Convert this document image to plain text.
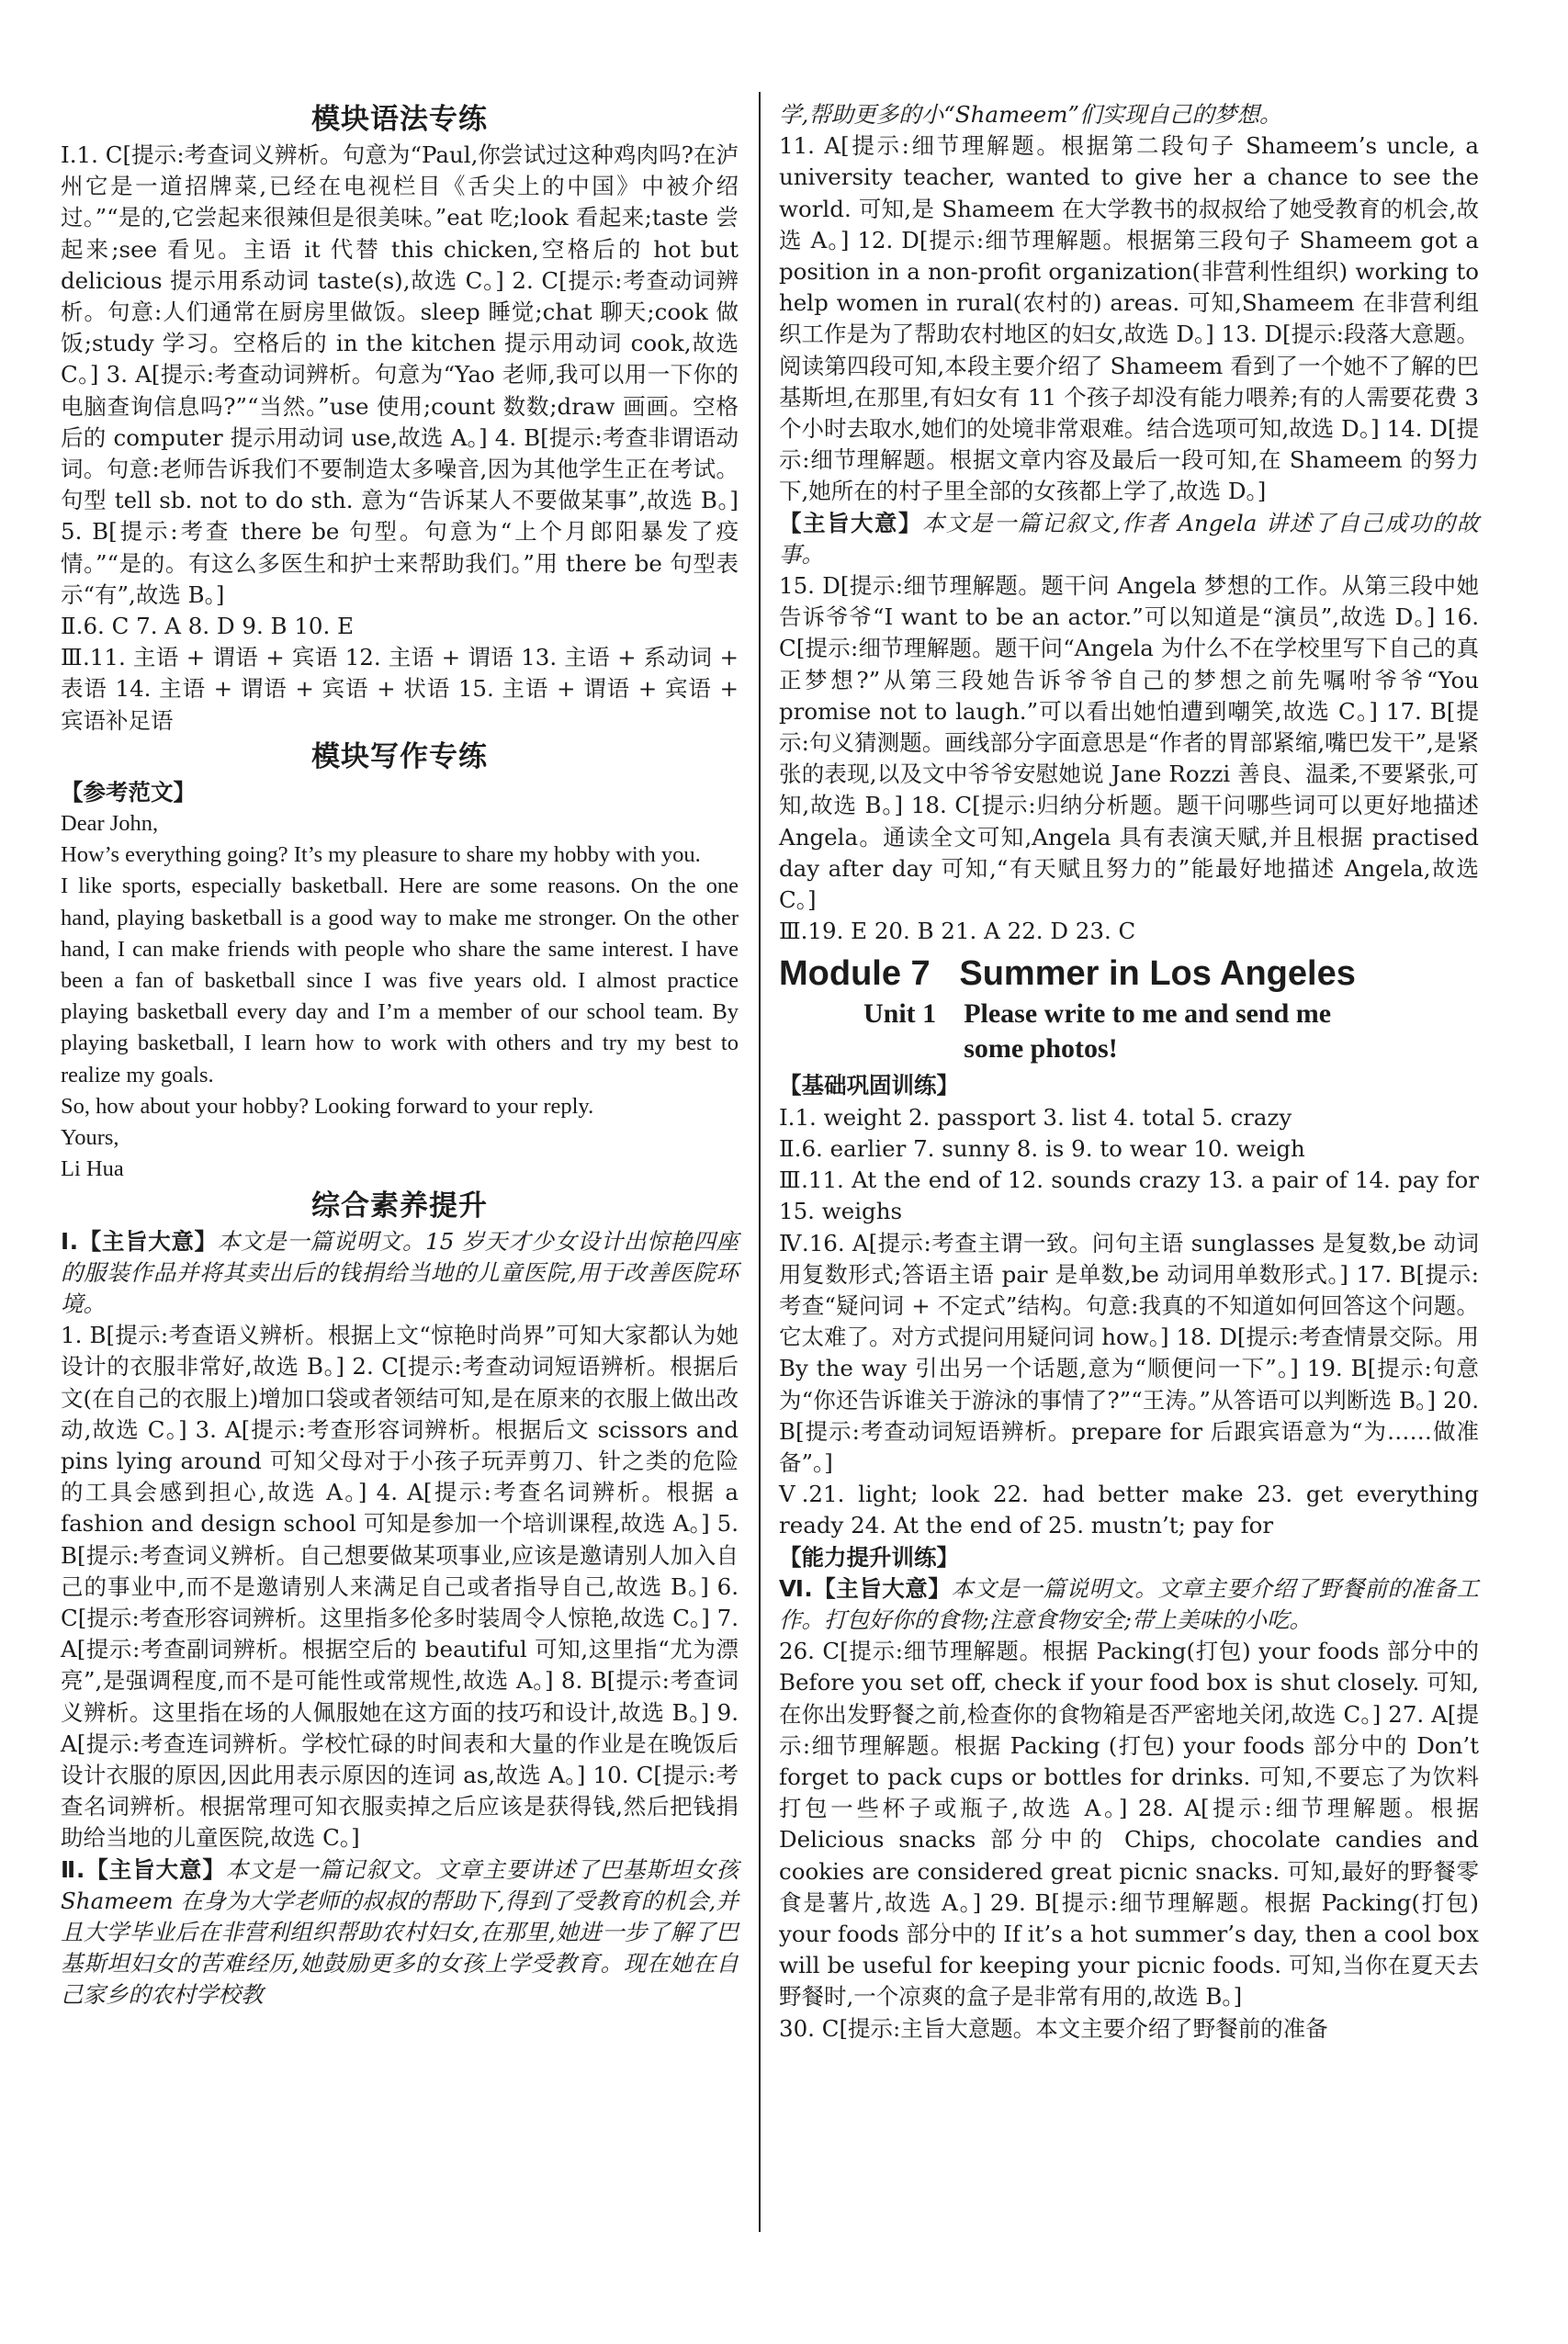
模块语法专练

Ⅰ.1. C[提示:考查词义辨析。句意为“Paul,你尝试过这种鸡肉吗?在泸州它是一道招牌菜,已经在电视栏目《舌尖上的中国》中被介绍过。”“是的,它尝起来很辣但是很美味。”eat 吃;look 看起来;taste 尝起来;see 看见。主语 it 代替 this chicken,空格后的 hot but delicious 提示用系动词 taste(s),故选 C。] 2. C[提示:考查动词辨析。句意:人们通常在厨房里做饭。sleep 睡觉;chat 聊天;cook 做饭;study 学习。空格后的 in the kitchen 提示用动词 cook,故选 C。] 3. A[提示:考查动词辨析。句意为“Yao 老师,我可以用一下你的电脑查询信息吗?”“当然。”use 使用;count 数数;draw 画画。空格后的 computer 提示用动词 use,故选 A。] 4. B[提示:考查非谓语动词。句意:老师告诉我们不要制造太多噪音,因为其他学生正在考试。句型 tell sb. not to do sth. 意为“告诉某人不要做某事”,故选 B。] 5. B[提示:考查 there be 句型。句意为“上个月郎阳暴发了疫情。”“是的。有这么多医生和护士来帮助我们。”用 there be 句型表示“有”,故选 B。]

Ⅱ.6. C 7. A 8. D 9. B 10. E

Ⅲ.11. 主语 + 谓语 + 宾语 12. 主语 + 谓语 13. 主语 + 系动词 + 表语 14. 主语 + 谓语 + 宾语 + 状语 15. 主语 + 谓语 + 宾语 + 宾语补足语

模块写作专练

【参考范文】

Dear John,

How’s everything going? It’s my pleasure to share my hobby with you.

I like sports, especially basketball. Here are some reasons. On the one hand, playing basketball is a good way to make me stronger. On the other hand, I can make friends with people who share the same interest. I have been a fan of basketball since I was five years old. I almost practice playing basketball every day and I’m a member of our school team. By playing basketball, I learn how to work with others and try my best to realize my goals.

So, how about your hobby? Looking forward to your reply.

Yours,

Li Hua

综合素养提升

Ⅰ.【主旨大意】本文是一篇说明文。15 岁天才少女设计出惊艳四座的服装作品并将其卖出后的钱捐给当地的儿童医院,用于改善医院环境。

1. B[提示:考查语义辨析。根据上文“惊艳时尚界”可知大家都认为她设计的衣服非常好,故选 B。] 2. C[提示:考查动词短语辨析。根据后文(在自己的衣服上)增加口袋或者领结可知,是在原来的衣服上做出改动,故选 C。] 3. A[提示:考查形容词辨析。根据后文 scissors and pins lying around 可知父母对于小孩子玩弄剪刀、针之类的危险的工具会感到担心,故选 A。] 4. A[提示:考查名词辨析。根据 a fashion and design school 可知是参加一个培训课程,故选 A。] 5. B[提示:考查词义辨析。自己想要做某项事业,应该是邀请别人加入自己的事业中,而不是邀请别人来满足自己或者指导自己,故选 B。] 6. C[提示:考查形容词辨析。这里指多伦多时装周令人惊艳,故选 C。] 7. A[提示:考查副词辨析。根据空后的 beautiful 可知,这里指“尤为漂亮”,是强调程度,而不是可能性或常规性,故选 A。] 8. B[提示:考查词义辨析。这里指在场的人佩服她在这方面的技巧和设计,故选 B。] 9. A[提示:考查连词辨析。学校忙碌的时间表和大量的作业是在晚饭后设计衣服的原因,因此用表示原因的连词 as,故选 A。] 10. C[提示:考查名词辨析。根据常理可知衣服卖掉之后应该是获得钱,然后把钱捐助给当地的儿童医院,故选 C。]

Ⅱ.【主旨大意】本文是一篇记叙文。文章主要讲述了巴基斯坦女孩 Shameem 在身为大学老师的叔叔的帮助下,得到了受教育的机会,并且大学毕业后在非营利组织帮助农村妇女,在那里,她进一步了解了巴基斯坦妇女的苦难经历,她鼓励更多的女孩上学受教育。现在她在自己家乡的农村学校教

学,帮助更多的小“Shameem”们实现自己的梦想。

11. A[提示:细节理解题。根据第二段句子 Shameem’s uncle, a university teacher, wanted to give her a chance to see the world. 可知,是 Shameem 在大学教书的叔叔给了她受教育的机会,故选 A。] 12. D[提示:细节理解题。根据第三段句子 Shameem got a position in a non-profit organization(非营利性组织) working to help women in rural(农村的) areas. 可知,Shameem 在非营利组织工作是为了帮助农村地区的妇女,故选 D。] 13. D[提示:段落大意题。阅读第四段可知,本段主要介绍了 Shameem 看到了一个她不了解的巴基斯坦,在那里,有妇女有 11 个孩子却没有能力喂养;有的人需要花费 3 个小时去取水,她们的处境非常艰难。结合选项可知,故选 D。] 14. D[提示:细节理解题。根据文章内容及最后一段可知,在 Shameem 的努力下,她所在的村子里全部的女孩都上学了,故选 D。]

【主旨大意】本文是一篇记叙文,作者 Angela 讲述了自己成功的故事。

15. D[提示:细节理解题。题干问 Angela 梦想的工作。从第三段中她告诉爷爷“I want to be an actor.”可以知道是“演员”,故选 D。] 16. C[提示:细节理解题。题干问“Angela 为什么不在学校里写下自己的真正梦想?”从第三段她告诉爷爷自己的梦想之前先嘱咐爷爷“You promise not to laugh.”可以看出她怕遭到嘲笑,故选 C。] 17. B[提示:句义猜测题。画线部分字面意思是“作者的胃部紧缩,嘴巴发干”,是紧张的表现,以及文中爷爷安慰她说 Jane Rozzi 善良、温柔,不要紧张,可知,故选 B。] 18. C[提示:归纳分析题。题干问哪些词可以更好地描述 Angela。通读全文可知,Angela 具有表演天赋,并且根据 practised day after day 可知,“有天赋且努力的”能最好地描述 Angela,故选 C。]

Ⅲ.19. E 20. B 21. A 22. D 23. C

Module 7 Summer in Los Angeles
Unit 1 Please write to me and send me
some photos!

【基础巩固训练】

Ⅰ.1. weight 2. passport 3. list 4. total 5. crazy

Ⅱ.6. earlier 7. sunny 8. is 9. to wear 10. weigh

Ⅲ.11. At the end of 12. sounds crazy 13. a pair of 14. pay for 15. weighs

Ⅳ.16. A[提示:考查主谓一致。问句主语 sunglasses 是复数,be 动词用复数形式;答语主语 pair 是单数,be 动词用单数形式。] 17. B[提示:考查“疑问词 + 不定式”结构。句意:我真的不知道如何回答这个问题。它太难了。对方式提问用疑问词 how。] 18. D[提示:考查情景交际。用 By the way 引出另一个话题,意为“顺便问一下”。] 19. B[提示:句意为“你还告诉谁关于游泳的事情了?”“王涛。”从答语可以判断选 B。] 20. B[提示:考查动词短语辨析。prepare for 后跟宾语意为“为……做准备”。]

Ⅴ.21. light; look 22. had better make 23. get everything ready 24. At the end of 25. mustn’t; pay for

【能力提升训练】

Ⅵ.【主旨大意】本文是一篇说明文。文章主要介绍了野餐前的准备工作。打包好你的食物;注意食物安全;带上美味的小吃。

26. C[提示:细节理解题。根据 Packing(打包) your foods 部分中的 Before you set off, check if your food box is shut closely. 可知,在你出发野餐之前,检查你的食物箱是否严密地关闭,故选 C。] 27. A[提示:细节理解题。根据 Packing (打包) your foods 部分中的 Don’t forget to pack cups or bottles for drinks. 可知,不要忘了为饮料打包一些杯子或瓶子,故选 A。] 28. A[提示:细节理解题。根据 Delicious snacks 部分中的 Chips, chocolate candies and cookies are considered great picnic snacks. 可知,最好的野餐零食是薯片,故选 A。] 29. B[提示:细节理解题。根据 Packing(打包) your foods 部分中的 If it’s a hot summer’s day, then a cool box will be useful for keeping your picnic foods. 可知,当你在夏天去野餐时,一个凉爽的盒子是非常有用的,故选 B。]

30. C[提示:主旨大意题。本文主要介绍了野餐前的准备
